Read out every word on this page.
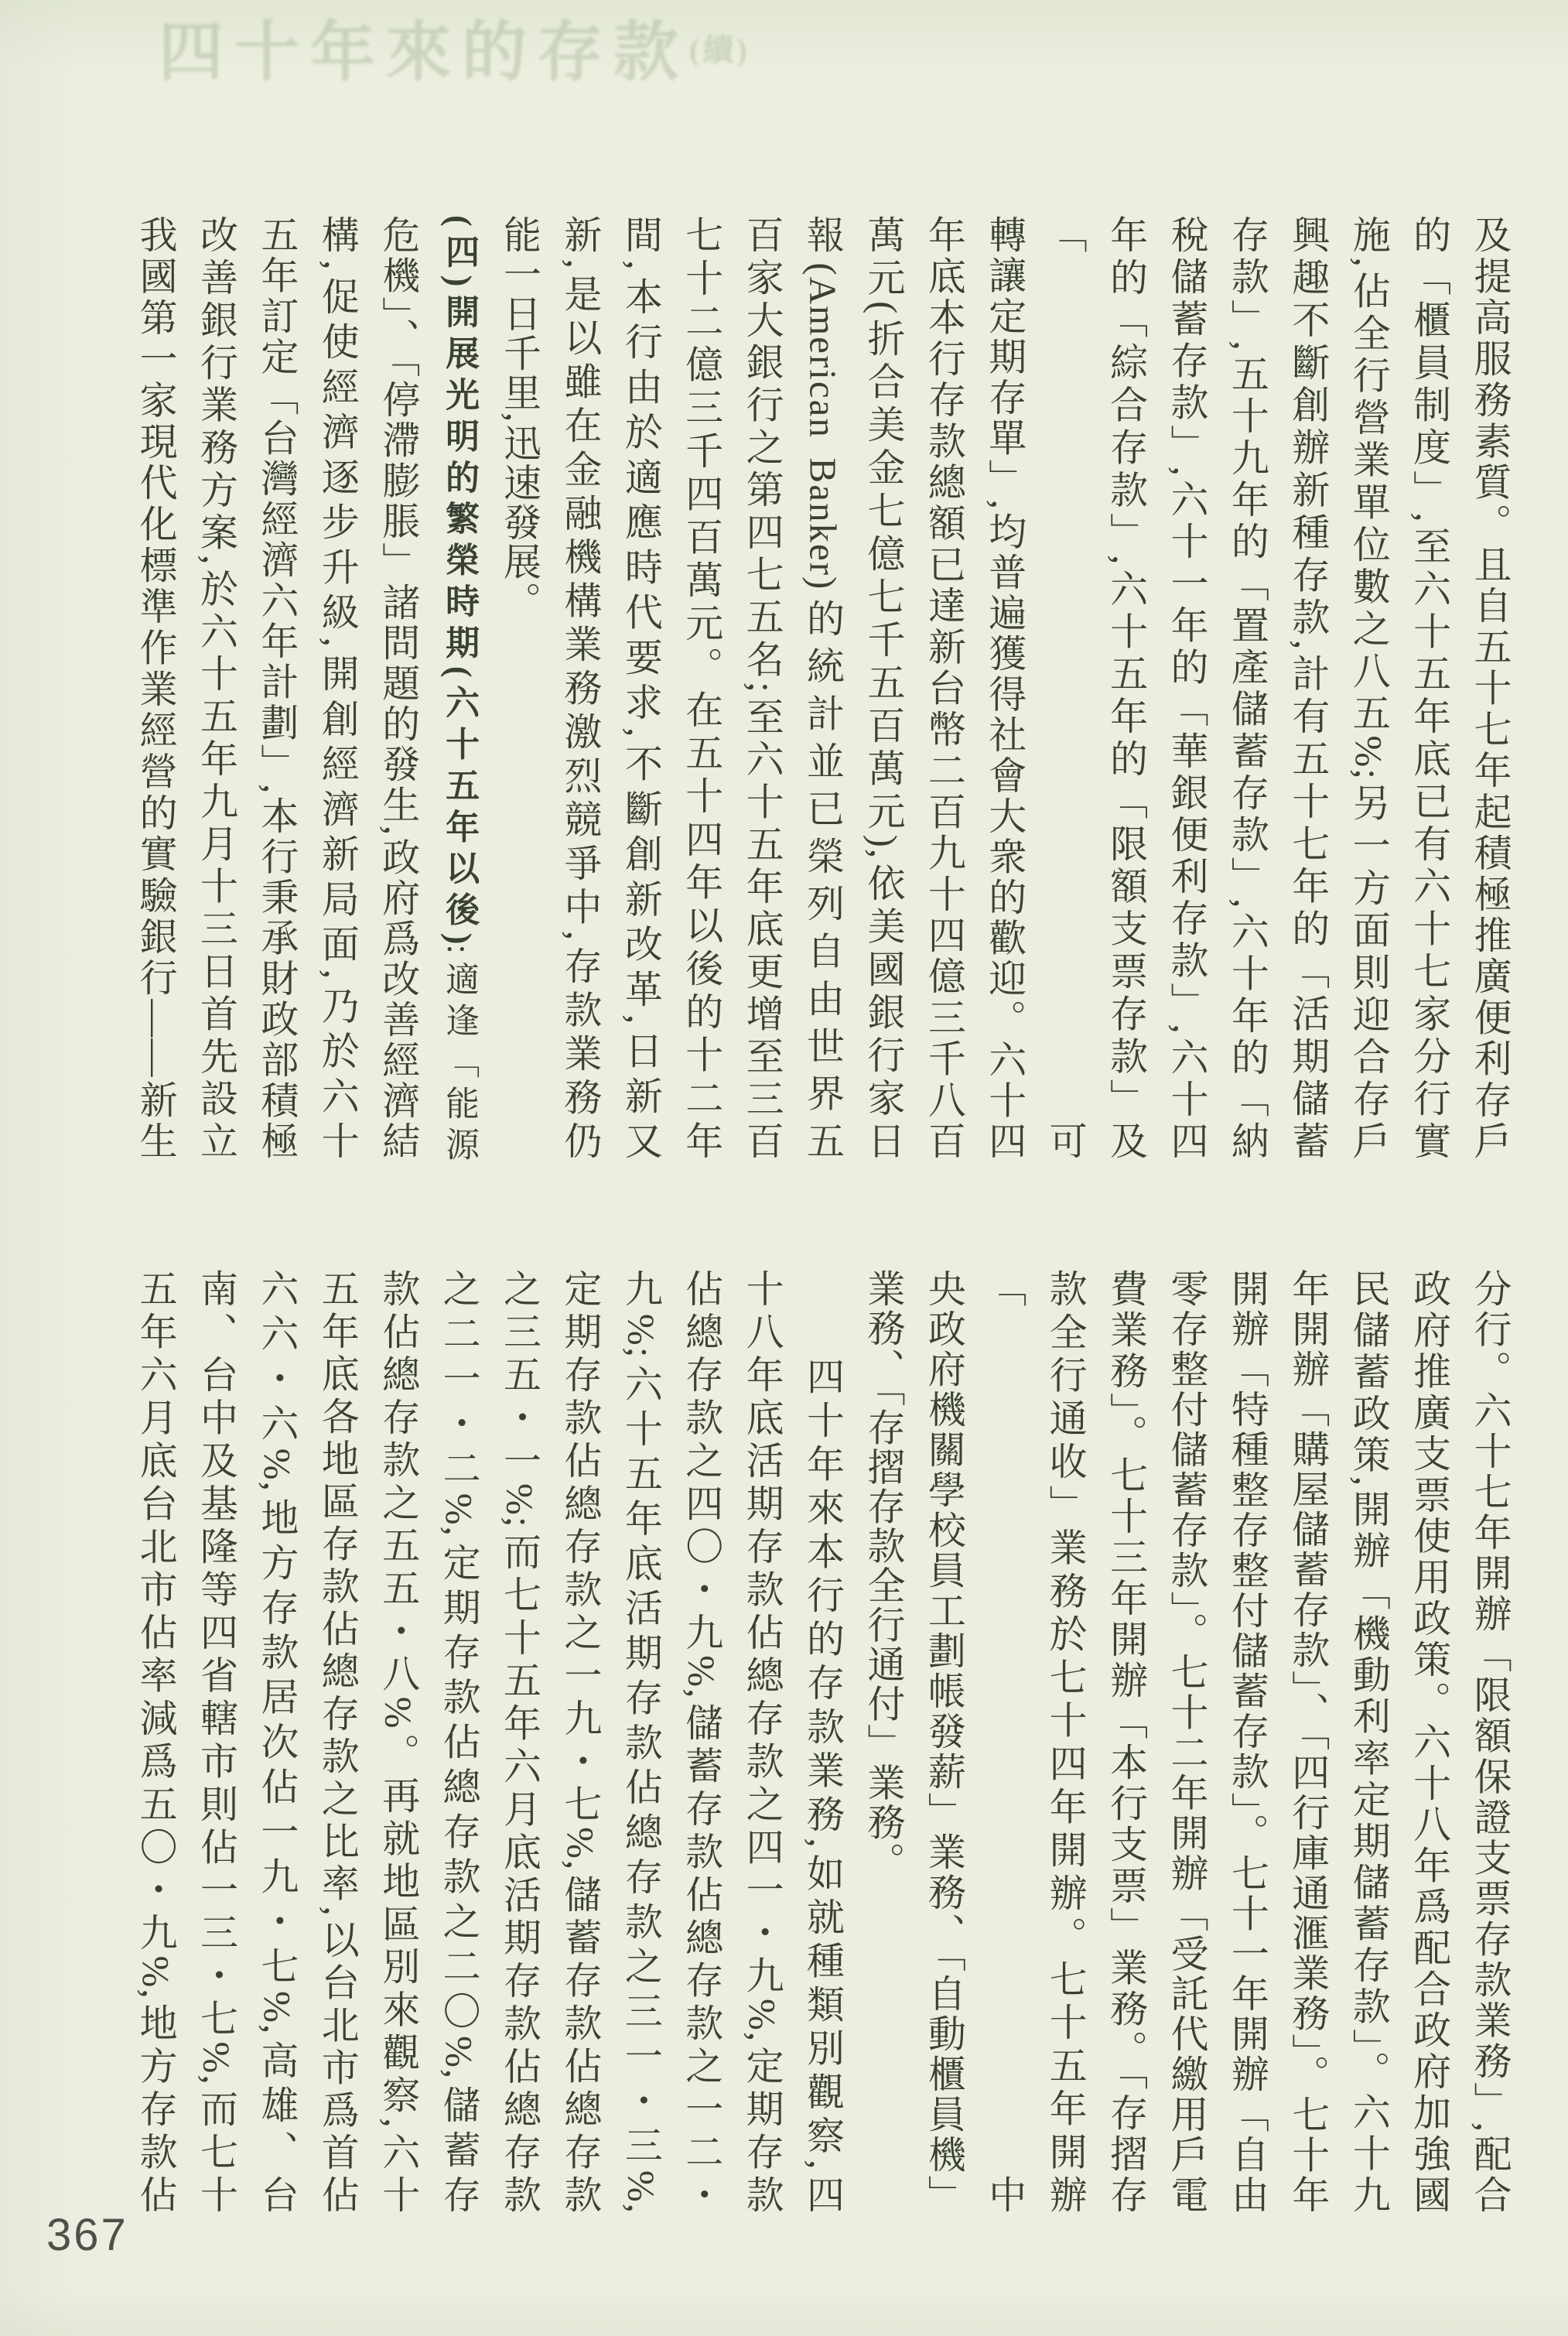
四十年來的存款$^{(續)}$
及提高服務素質。且自五十七年起積極推廣便利存戶
的「櫃員制度」,至六十五年底已有六十七家分行實
施,佔全行營業單位數之八五%;另一方面則迎合存戶
興趣不斷創辦新種存款,計有五十七年的「活期儲蓄
存款」,五十九年的「置產儲蓄存款」,六十年的「納
稅儲蓄存款」,六十一年的「華銀便利存款」,六十四
年的「綜合存款」,六十五年的「限額支票存款」及「可
轉讓定期存單」,均普遍獲得社會大衆的歡迎。六十四
年底本行存款總額已達新台幣二百九十四億三千八百
萬元(折合美金七億七千五百萬元),依美國銀行家日
報(American Banker)的統計並已榮列自由世界五
百家大銀行之第四七五名;至六十五年底更增至三百
七十二億三千四百萬元。在五十四年以後的十二年
間,本行由於適應時代要求,不斷創新改革,日新又
新,是以雖在金融機構業務激烈競爭中,存款業務仍
能一日千里,迅速發展。
(四)開展光明的繁榮時期(六十五年以後):適逢「能源
危機」、「停滯膨脹」諸問題的發生,政府爲改善經濟結
構,促使經濟逐步升級,開創經濟新局面,乃於六十
五年訂定「台灣經濟六年計劃」,本行秉承財政部積極
改善銀行業務方案,於六十五年九月十三日首先設立
我國第一家現代化標準作業經營的實驗銀行——新生
分行。六十七年開辦「限額保證支票存款業務」,配合
政府推廣支票使用政策。六十八年爲配合政府加強國
民儲蓄政策,開辦「機動利率定期儲蓄存款」。六十九
年開辦「購屋儲蓄存款」、「四行庫通滙業務」。七十年
開辦「特種整存整付儲蓄存款」。七十一年開辦「自由
零存整付儲蓄存款」。七十二年開辦「受託代繳用戶電
費業務」。七十三年開辦「本行支票」業務。「存摺存
款全行通收」業務於七十四年開辦。七十五年開辦「中
央政府機關學校員工劃帳發薪」業務、「自動櫃員機」
業務、「存摺存款全行通付」業務。
　　四十年來本行的存款業務,如就種類別觀察,四
十八年底活期存款佔總存款之四一・九%,定期存款
佔總存款之四〇・九%,儲蓄存款佔總存款之一二・
九%;六十五年底活期存款佔總存款之三一・三%,
定期存款佔總存款之一九・七%,儲蓄存款佔總存款
之三五・一%;而七十五年六月底活期存款佔總存款
之二一・二%,定期存款佔總存款之二〇%,儲蓄存
款佔總存款之五五・八%。再就地區別來觀察,六十
五年底各地區存款佔總存款之比率,以台北市爲首佔
六六・六%,地方存款居次佔一九・七%,高雄、台
南、台中及基隆等四省轄市則佔一三・七%,而七十
五年六月底台北市佔率減爲五〇・九%,地方存款佔
367
